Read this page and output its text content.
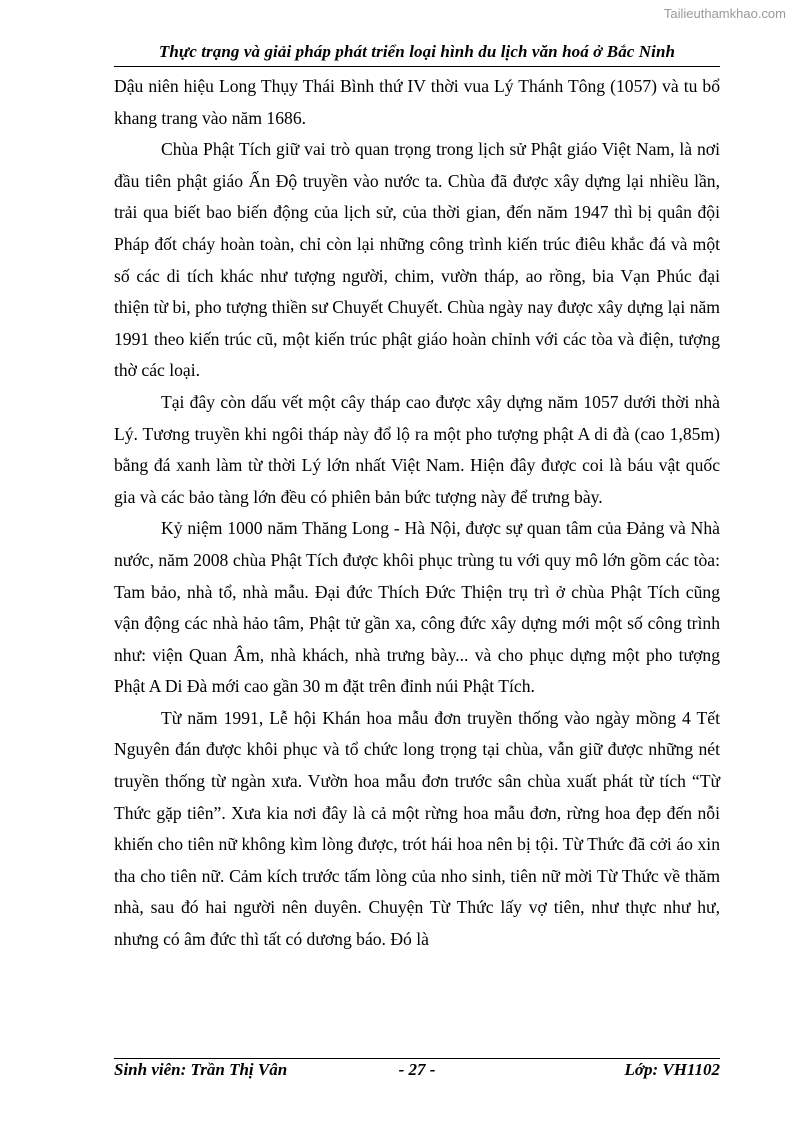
Tailieuthamkhao.com
Thực trạng và giải pháp phát triển loại hình du lịch văn hoá ở Bắc Ninh

Dậu niên hiệu Long Thụy Thái Bình thứ IV thời vua Lý Thánh Tông (1057) và tu bổ khang trang vào năm 1686.

Chùa Phật Tích giữ vai trò quan trọng trong lịch sử Phật giáo Việt Nam, là nơi đầu tiên phật giáo Ấn Độ truyền vào nước ta. Chùa đã được xây dựng lại nhiều lần, trải qua biết bao biến động của lịch sử, của thời gian, đến năm 1947 thì bị quân đội Pháp đốt cháy hoàn toàn, chỉ còn lại những công trình kiến trúc điêu khắc đá và một số các di tích khác như tượng người, chim, vườn tháp, ao rồng, bia Vạn Phúc đại thiện từ bi, pho tượng thiền sư Chuyết Chuyết. Chùa ngày nay được xây dựng lại năm 1991 theo kiến trúc cũ, một kiến trúc phật giáo hoàn chỉnh với các tòa và điện, tượng thờ các loại.

Tại đây còn dấu vết một cây tháp cao được xây dựng năm 1057 dưới thời nhà Lý. Tương truyền khi ngôi tháp này đổ lộ ra một pho tượng phật A di đà (cao 1,85m) bằng đá xanh làm từ thời Lý lớn nhất Việt Nam. Hiện đây được coi là báu vật quốc gia và các bảo tàng lớn đều có phiên bản bức tượng này để trưng bày.

Kỷ niệm 1000 năm Thăng Long - Hà Nội, được sự quan tâm của Đảng và Nhà nước, năm 2008 chùa Phật Tích được khôi phục trùng tu với quy mô lớn gồm các tòa: Tam bảo, nhà tổ, nhà mẫu. Đại đức Thích Đức Thiện trụ trì ở chùa Phật Tích cũng vận động các nhà hảo tâm, Phật tử gần xa, công đức xây dựng mới một số công trình như: viện Quan Âm, nhà khách, nhà trưng bày... và cho phục dựng một pho tượng Phật A Di Đà mới cao gần 30 m đặt trên đỉnh núi Phật Tích.

Từ năm 1991, Lễ hội Khán hoa mẫu đơn truyền thống vào ngày mồng 4 Tết Nguyên đán được khôi phục và tổ chức long trọng tại chùa, vẫn giữ được những nét truyền thống từ ngàn xưa. Vườn hoa mẫu đơn trước sân chùa xuất phát từ tích “Từ Thức gặp tiên”. Xưa kia nơi đây là cả một rừng hoa mẫu đơn, rừng hoa đẹp đến nỗi khiến cho tiên nữ không kìm lòng được, trót hái hoa nên bị tội. Từ Thức đã cởi áo xin tha cho tiên nữ. Cảm kích trước tấm lòng của nho sinh, tiên nữ mời Từ Thức về thăm nhà, sau đó hai người nên duyên. Chuyện Từ Thức lấy vợ tiên, như thực như hư, nhưng có âm đức thì tất có dương báo. Đó là

Sinh viên: Trần Thị Vân	- 27 -	Lớp: VH1102
